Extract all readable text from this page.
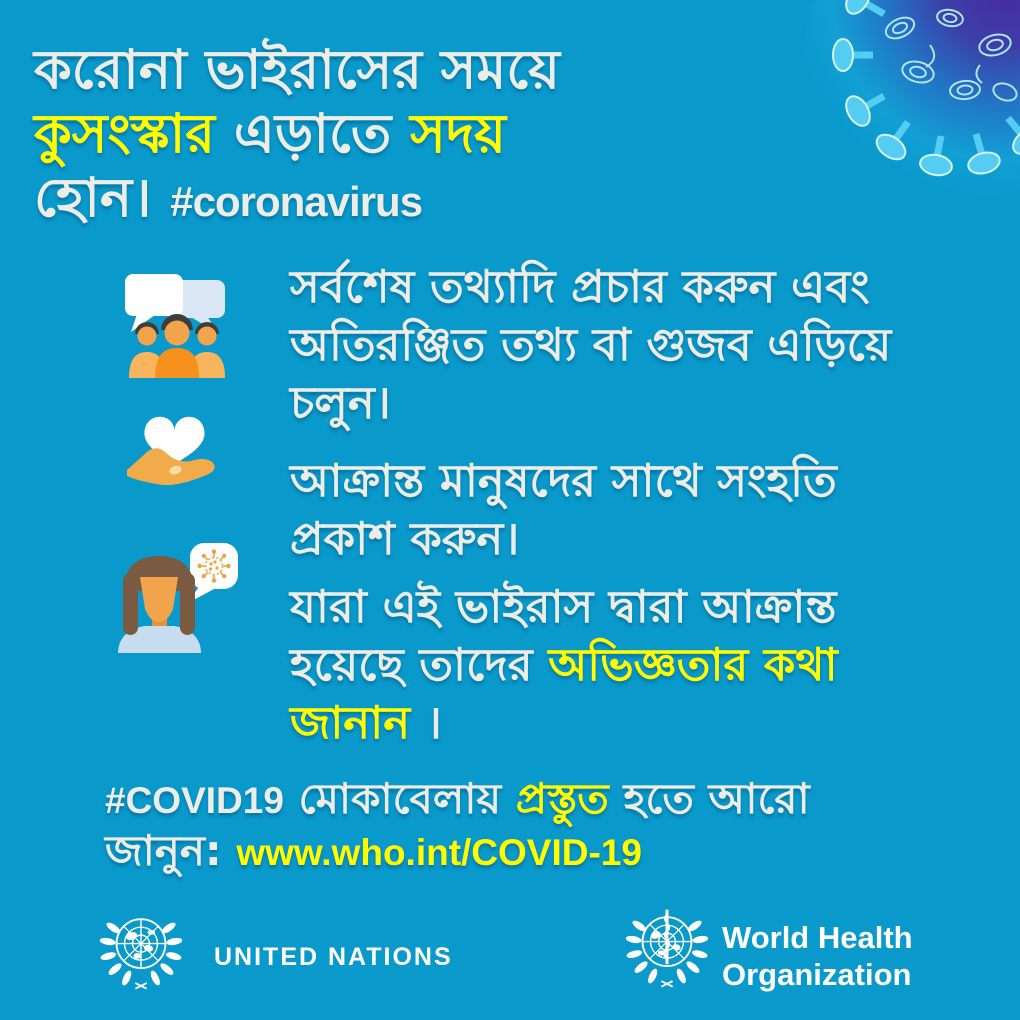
করোনা ভাইরাসের সময়ে
কুসংস্কার এড়াতে সদয়
হোন। #coronavirus
সর্বশেষ তথ্যাদি প্রচার করুন এবং
অতিরঞ্জিত তথ্য বা গুজব এড়িয়ে
চলুন।
আক্রান্ত মানুষদের সাথে সংহতি
প্রকাশ করুন।
যারা এই ভাইরাস দ্বারা আক্রান্ত
হয়েছে তাদের অভিজ্ঞতার কথা
জানান ।
#COVID19 মোকাবেলায় প্রস্তুত হতে আরো
জানুন: www.who.int/COVID-19
UNITED NATIONS
World Health
Organization
